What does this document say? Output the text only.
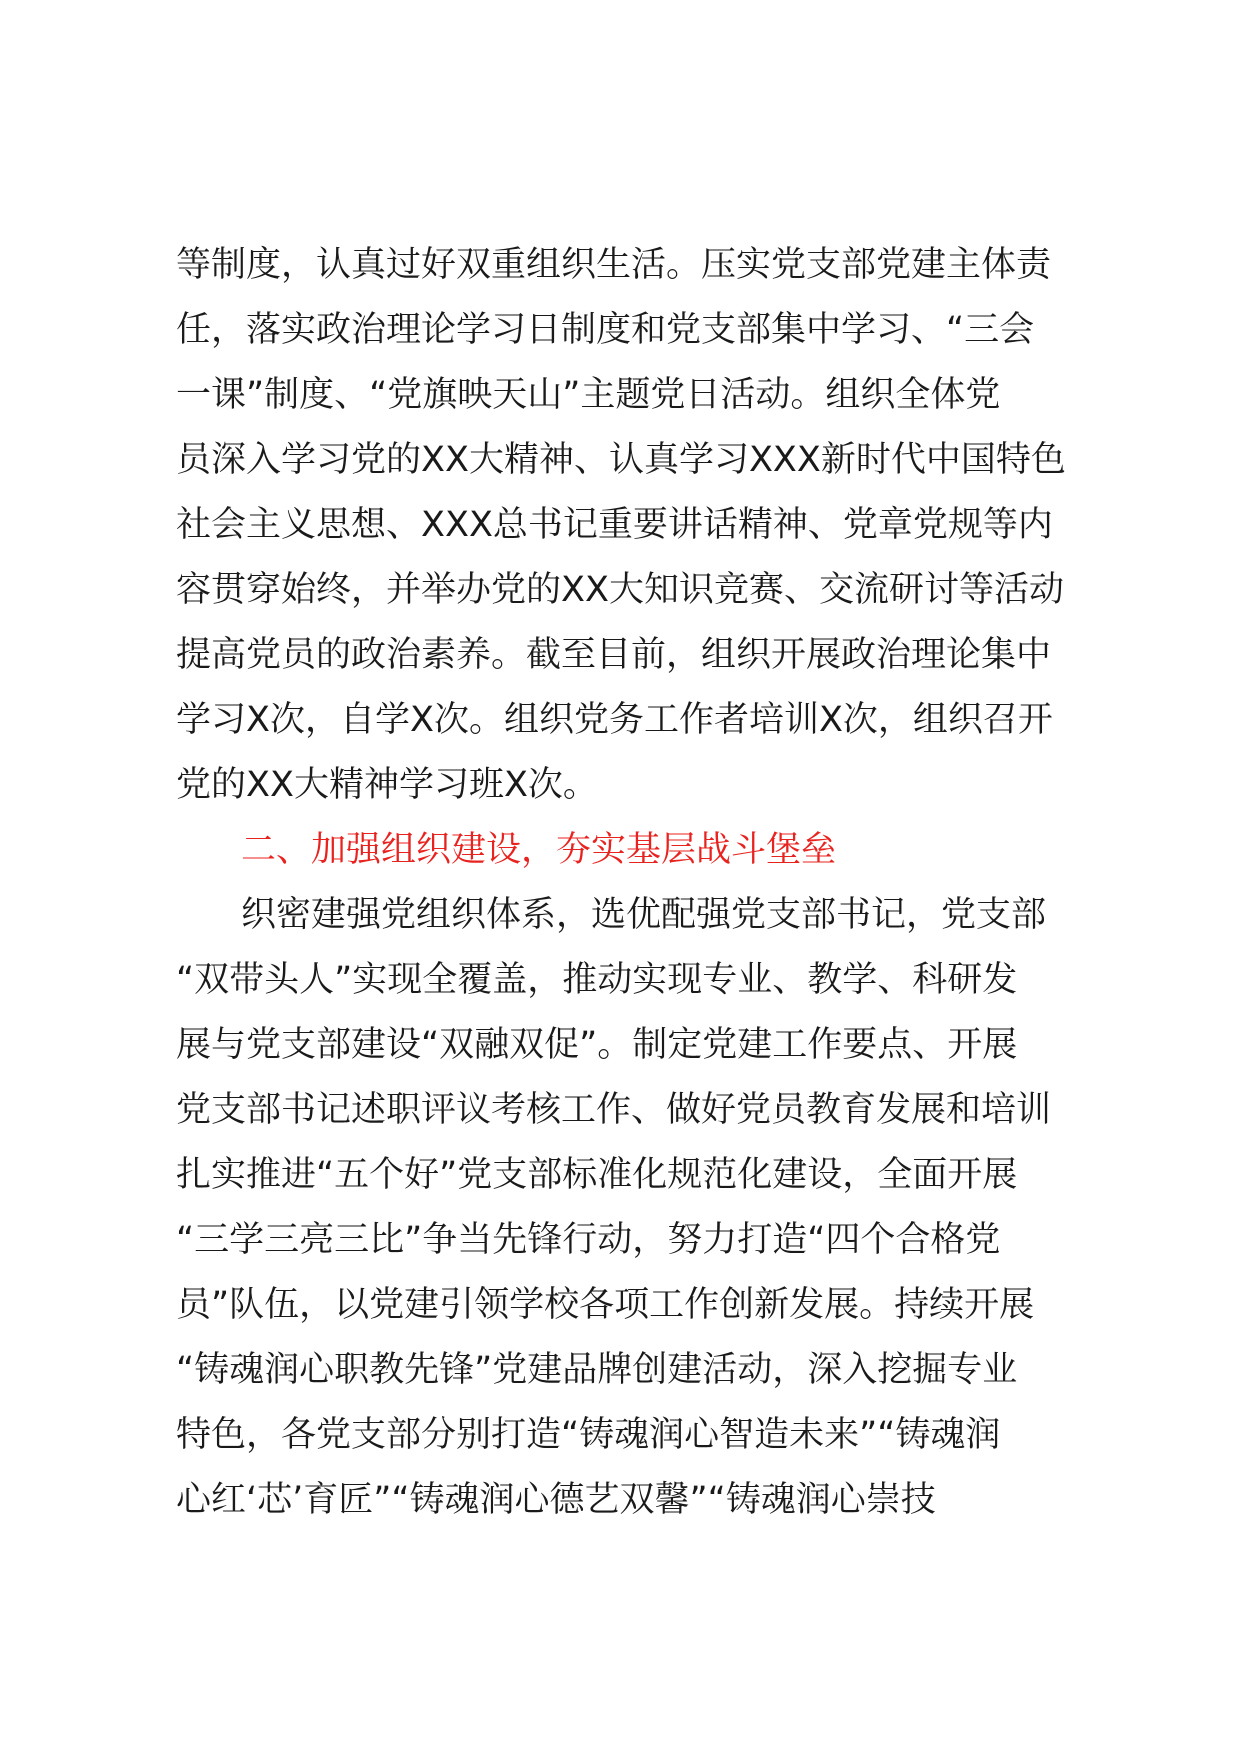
等制度，认真过好双重组织生活。压实党支部党建主体责
任，落实政治理论学习日制度和党支部集中学习、“三会
一课”制度、“党旗映天山”主题党日活动。组织全体党
员深入学习党的XX大精神、认真学习XXX新时代中国特色
社会主义思想、XXX总书记重要讲话精神、党章党规等内
容贯穿始终，并举办党的XX大知识竞赛、交流研讨等活动
提高党员的政治素养。截至目前，组织开展政治理论集中
学习X次，自学X次。组织党务工作者培训X次，组织召开
党的XX大精神学习班X次。
二、加强组织建设，夯实基层战斗堡垒
织密建强党组织体系，选优配强党支部书记，党支部
“双带头人”实现全覆盖，推动实现专业、教学、科研发
展与党支部建设“双融双促”。制定党建工作要点、开展
党支部书记述职评议考核工作、做好党员教育发展和培训
扎实推进“五个好”党支部标准化规范化建设，全面开展
“三学三亮三比”争当先锋行动，努力打造“四个合格党
员”队伍，以党建引领学校各项工作创新发展。持续开展
“铸魂润心职教先锋”党建品牌创建活动，深入挖掘专业
特色，各党支部分别打造“铸魂润心智造未来”“铸魂润
心红‘芯’育匠”“铸魂润心德艺双馨”“铸魂润心崇技
